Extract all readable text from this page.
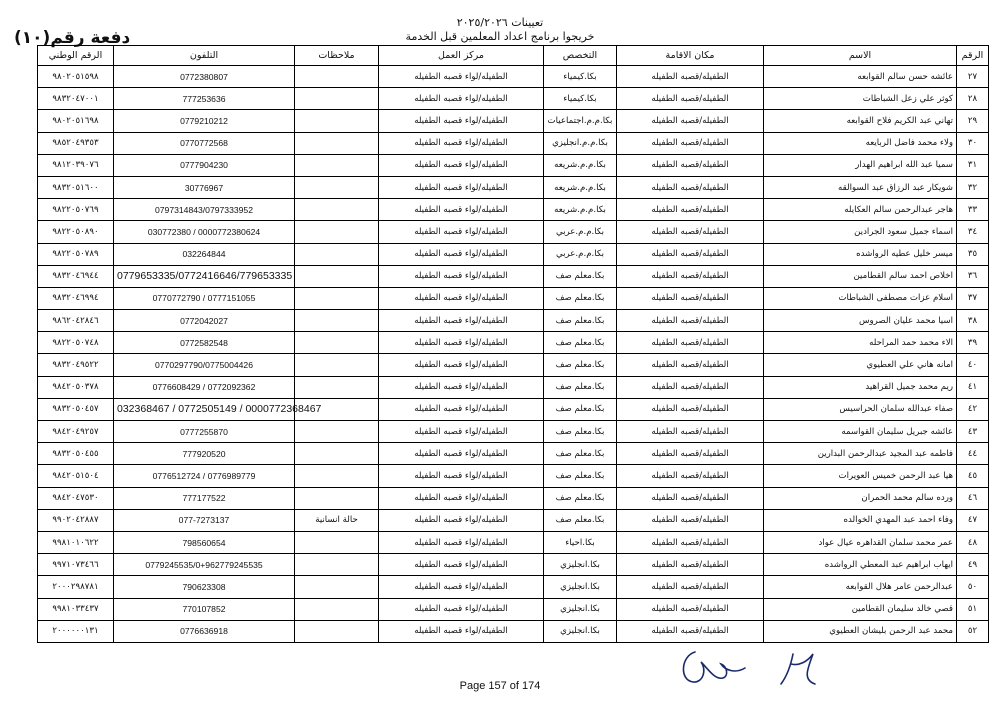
تعيينات ٢٠٢٥/٢٠٢٦
خريجوا برنامج اعداد المعلمين قبل الخدمة
دفعة رقم(١٠)
الرقم	الاسم	مكان الاقامة	التخصص	مركز العمل	ملاحظات	التلفون	الرقم الوطني
٢٧	عائشه حسن سالم القوابعه	الطفيله/قصبه الطفيله	بكا.كيمياء	الطفيله/لواء قصبه الطفيله		0772380807	٩٨٠٢٠٥١٥٩٨
٢٨	كوثر علي زعل الشباطات	الطفيله/قصبه الطفيله	بكا.كيمياء	الطفيله/لواء قصبه الطفيله		777253636	٩٨٣٢٠٤٧٠٠١
٢٩	تهاني عبد الكريم فلاح القوابعه	الطفيله/قصبه الطفيله	بكا.م.م.اجتماعيات	الطفيله/لواء قصبه الطفيله		0779210212	٩٨٠٢٠٥١٦٩٨
٣٠	ولاء محمد فاضل الربايعه	الطفيله/قصبه الطفيله	بكا.م.م.انجليزي	الطفيله/لواء قصبه الطفيله		0770772568	٩٨٥٢٠٤٩٣٥٣
٣١	سميا عبد الله ابراهيم الهدار	الطفيله/قصبه الطفيله	بكا.م.م.شريعه	الطفيله/لواء قصبه الطفيله		0777904230	٩٨١٢٠٣٩٠٧٦
٣٢	شويكار عبد الرزاق عبد السوالقه	الطفيله/قصبه الطفيله	بكا.م.م.شريعه	الطفيله/لواء قصبه الطفيله		30776967	٩٨٣٢٠٥١٦٠٠
٣٣	هاجر عبدالرحمن سالم العكايله	الطفيله/قصبه الطفيله	بكا.م.م.شريعه	الطفيله/لواء قصبه الطفيله		0797314843/0797333952	٩٨٢٢٠٥٠٧٦٩
٣٤	اسماء جميل سعود الجرادين	الطفيله/قصبه الطفيله	بكا.م.م.عربي	الطفيله/لواء قصبه الطفيله		030772380 / 0000772380624	٩٨٢٢٠٥٠٨٩٠
٣٥	ميسر خليل عطيه الرواشده	الطفيله/قصبه الطفيله	بكا.م.م.عربي	الطفيله/لواء قصبه الطفيله		032264844	٩٨٢٢٠٥٠٧٨٩
٣٦	اخلاص احمد سالم القطامين	الطفيله/قصبه الطفيله	بكا.معلم صف	الطفيله/لواء قصبه الطفيله		0779653335/0772416646/779653335	٩٨٣٢٠٤٦٩٤٤
٣٧	اسلام عزات مصطفى الشباطات	الطفيله/قصبه الطفيله	بكا.معلم صف	الطفيله/لواء قصبه الطفيله		0770772790 / 0777151055	٩٨٣٢٠٤٦٩٩٤
٣٨	اسيا محمد عليان الصروس	الطفيله/قصبه الطفيله	بكا.معلم صف	الطفيله/لواء قصبه الطفيله		0772042027	٩٨٦٢٠٤٢٨٤٦
٣٩	الاء محمد حمد المراحله	الطفيله/قصبه الطفيله	بكا.معلم صف	الطفيله/لواء قصبه الطفيله		0772582548	٩٨٢٢٠٥٠٧٤٨
٤٠	امانه هاني علي العطيوي	الطفيله/قصبه الطفيله	بكا.معلم صف	الطفيله/لواء قصبه الطفيله		0770297790/0775004426	٩٨٣٢٠٤٩٥٢٢
٤١	ريم محمد جميل القراهيد	الطفيله/قصبه الطفيله	بكا.معلم صف	الطفيله/لواء قصبه الطفيله		0776608429 / 0772092362	٩٨٤٢٠٥٠٣٧٨
٤٢	صفاء عبدالله سلمان الحراسيس	الطفيله/قصبه الطفيله	بكا.معلم صف	الطفيله/لواء قصبه الطفيله		032368467 / 0772505149 / 0000772368467	٩٨٣٢٠٥٠٤٥٧
٤٣	عائشه جبريل سليمان القواسمه	الطفيله/قصبه الطفيله	بكا.معلم صف	الطفيله/لواء قصبه الطفيله		0777255870	٩٨٤٢٠٤٩٢٥٧
٤٤	فاطمه عبد المجيد عبدالرحمن البدارين	الطفيله/قصبه الطفيله	بكا.معلم صف	الطفيله/لواء قصبه الطفيله		777920520	٩٨٣٢٠٥٠٤٥٥
٤٥	هيا عبد الرحمن خميس العويرات	الطفيله/قصبه الطفيله	بكا.معلم صف	الطفيله/لواء قصبه الطفيله		0776512724 / 0776989779	٩٨٤٢٠٥١٥٠٤
٤٦	ورده سالم محمد الحمران	الطفيله/قصبه الطفيله	بكا.معلم صف	الطفيله/لواء قصبه الطفيله		777177522	٩٨٤٢٠٤٧٥٣٠
٤٧	وفاء احمد عبد المهدي الخوالده	الطفيله/قصبه الطفيله	بكا.معلم صف	الطفيله/لواء قصبه الطفيله	حالة انسانية	077-7273137	٩٩٠٢٠٤٢٨٨٧
٤٨	عمر محمد سلمان القداهره عيال عواد	الطفيله/قصبه الطفيله	بكا.احياء	الطفيله/لواء قصبه الطفيله		798560654	٩٩٨١٠١٠٦٢٢
٤٩	ايهاب ابراهيم عبد المعطي الرواشده	الطفيله/قصبه الطفيله	بكا.انجليزي	الطفيله/لواء قصبه الطفيله		0779245535/0+962779245535	٩٩٧١٠٧٣٤٦٦
٥٠	عبدالرحمن عامر هلال القوابعه	الطفيله/قصبه الطفيله	بكا.انجليزي	الطفيله/لواء قصبه الطفيله		790623308	٢٠٠٠٢٩٨٧٨١
٥١	قصي خالد سليمان القطامين	الطفيله/قصبه الطفيله	بكا.انجليزي	الطفيله/لواء قصبه الطفيله		770107852	٩٩٨١٠٣٣٤٣٧
٥٢	محمد عبد الرحمن بليشان العطيوي	الطفيله/قصبه الطفيله	بكا.انجليزي	الطفيله/لواء قصبه الطفيله		0776636918	٢٠٠٠٠٠٠١٣١
Page 157 of 174
